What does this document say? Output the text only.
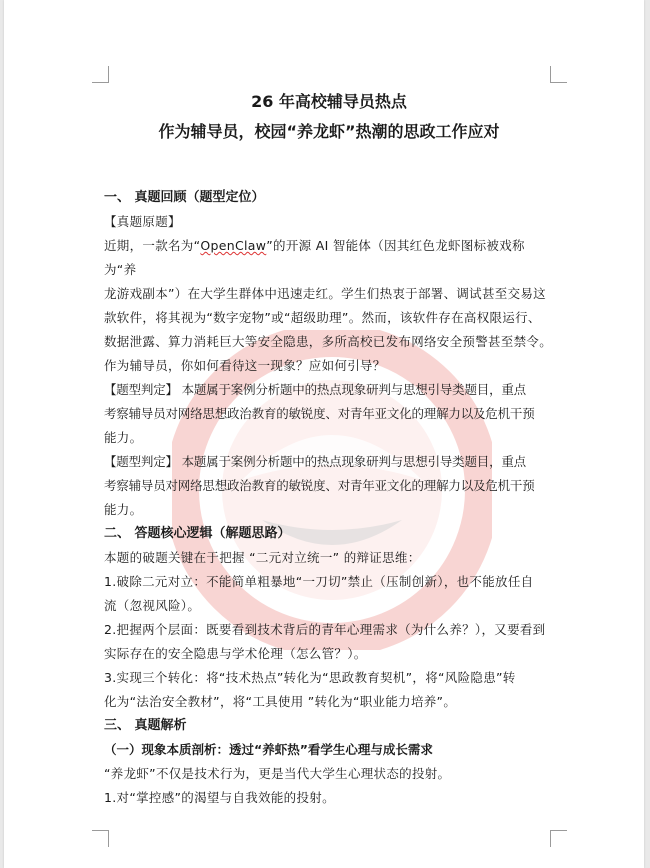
26 年高校辅导员热点

作为辅导员，校园“养龙虾”热潮的思政工作应对

一、 真题回顾（题型定位）

【真题原题】

近期，一款名为“OpenClaw”的开源 AI 智能体（因其红色龙虾图标被戏称为“养

龙游戏副本”）在大学生群体中迅速走红。学生们热衷于部署、调试甚至交易这

款软件，将其视为“数字宠物”或“超级助理”。然而，该软件存在高权限运行、

数据泄露、算力消耗巨大等安全隐患，多所高校已发布网络安全预警甚至禁令。

作为辅导员，你如何看待这一现象？应如何引导？

【题型判定】 本题属于案例分析题中的热点现象研判与思想引导类题目，重点

考察辅导员对网络思想政治教育的敏锐度、对青年亚文化的理解力以及危机干预

能力。

【题型判定】 本题属于案例分析题中的热点现象研判与思想引导类题目，重点

考察辅导员对网络思想政治教育的敏锐度、对青年亚文化的理解力以及危机干预

能力。

二、 答题核心逻辑（解题思路）

本题的破题关键在于把握 “二元对立统一” 的辩证思维：

1.破除二元对立：不能简单粗暴地“一刀切”禁止（压制创新），也不能放任自

流（忽视风险）。

2.把握两个层面：既要看到技术背后的青年心理需求（为什么养？），又要看到

实际存在的安全隐患与学术伦理（怎么管？）。

3.实现三个转化：将“技术热点”转化为“思政教育契机”，将“风险隐患”转

化为“法治安全教材”，将“工具使用 ”转化为“职业能力培养”。

三、 真题解析

（一）现象本质剖析：透过“养虾热”看学生心理与成长需求

“养龙虾”不仅是技术行为，更是当代大学生心理状态的投射。

1.对“掌控感”的渴望与自我效能的投射。
